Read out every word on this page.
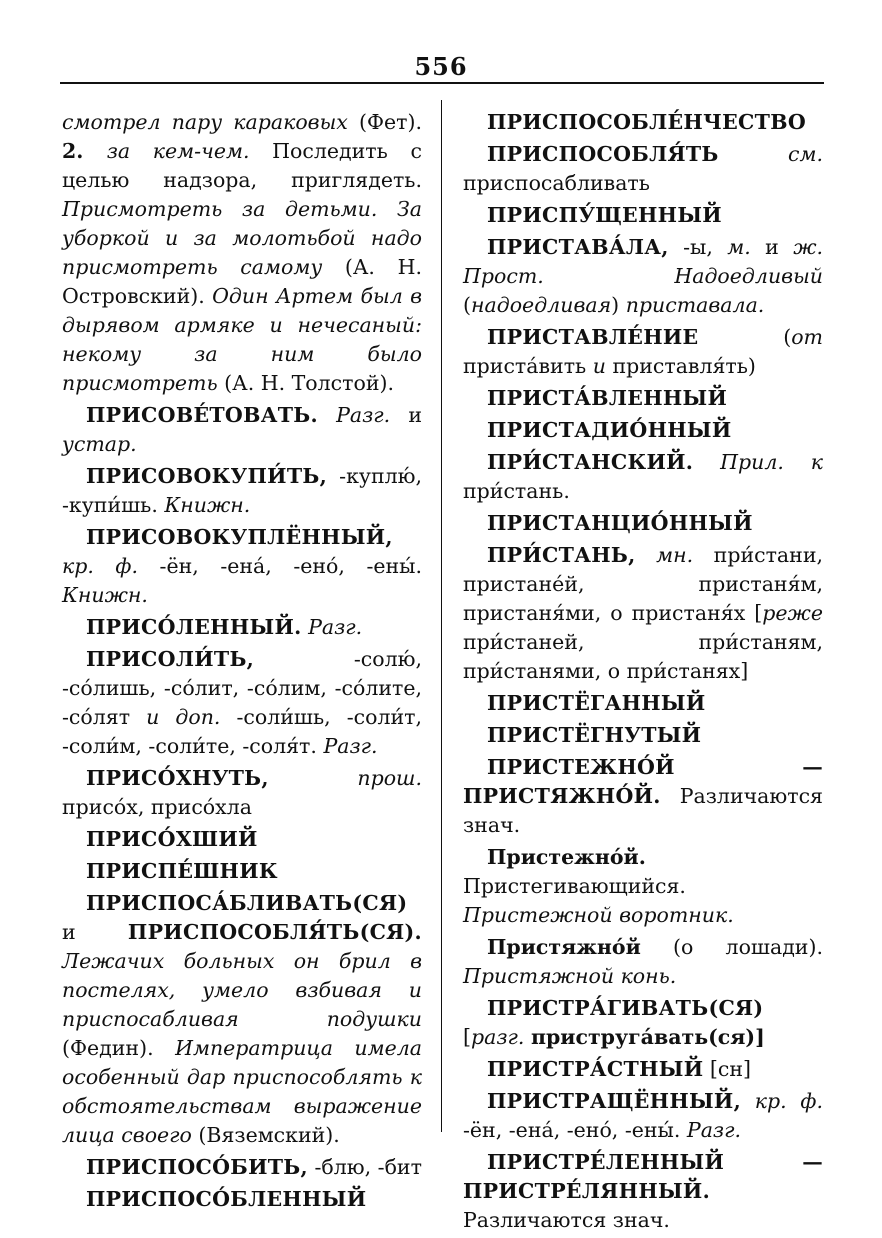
556

смотрел пару караковых (Фет). 2. за кем-чем. Последить с целью надзора, приглядеть. Присмотреть за детьми. За уборкой и за молотьбой надо присмотреть самому (А. Н. Островский). Один Артем был в дырявом армяке и нечесаный: некому за ним было присмотреть (А. Н. Толстой).

ПРИСОВЕ́ТОВАТЬ. Разг. и устар.

ПРИСОВОКУПИ́ТЬ, -куплю́, -купи́шь. Книжн.

ПРИСОВОКУПЛЁННЫЙ, кр. ф. -ён, -ена́, -ено́, -ены́. Книжн.

ПРИСО́ЛЕННЫЙ. Разг.

ПРИСОЛИ́ТЬ, -солю́, -со́лишь, -со́лит, -со́лим, -со́лите, -со́лят и доп. -соли́шь, -соли́т, -соли́м, -соли́те, -соля́т. Разг.

ПРИСО́ХНУТЬ,	прош. присо́х, присо́хла

ПРИСО́ХШИЙ

ПРИСПЕ́ШНИК

ПРИСПОСА́БЛИВАТЬ(СЯ) и ПРИСПОСОБЛЯ́ТЬ(СЯ). Лежачих больных он брил в постелях, умело взбивая и приспосабливая подушки (Федин). Императрица имела особенный дар приспособлять к обстоятельствам выражение лица своего (Вяземский).

ПРИСПОСО́БИТЬ, -блю, -бит

ПРИСПОСО́БЛЕННЫЙ

ПРИСПОСОБЛЕ́НЧЕСТВО

ПРИСПОСОБЛЯ́ТЬ	см. приспосабливать

ПРИСПУ́ЩЕННЫЙ

ПРИСТАВА́ЛА, -ы, м. и ж. Прост. Надоедливый (надоедливая) приставала.

ПРИСТАВЛЕ́НИЕ (от приста́вить и приставля́ть)

ПРИСТА́ВЛЕННЫЙ

ПРИСТАДИО́ННЫЙ

ПРИ́СТАНСКИЙ. Прил. к при́стань.

ПРИСТАНЦИО́ННЫЙ

ПРИ́СТАНЬ, мн. при́стани, пристане́й, пристаня́м, пристаня́ми, о пристаня́х [реже при́станей, при́станям, при́станями, о при́станях]

ПРИСТЁГАННЫЙ

ПРИСТЁГНУТЫЙ

ПРИСТЕЖНО́Й — ПРИСТЯЖНО́Й. Различаются знач.

Пристежно́й. Пристегивающийся. Пристежной воротник.

Пристяжно́й (о лошади). Пристяжной конь.

ПРИСТРА́ГИВАТЬ(СЯ) [разг. приструга́вать(ся)]

ПРИСТРА́СТНЫЙ [сн]

ПРИСТРАЩЁННЫЙ, кр. ф. -ён, -ена́, -ено́, -ены́. Разг.

ПРИСТРЕ́ЛЕННЫЙ — ПРИСТРЕ́ЛЯННЫЙ. Различаются знач.
